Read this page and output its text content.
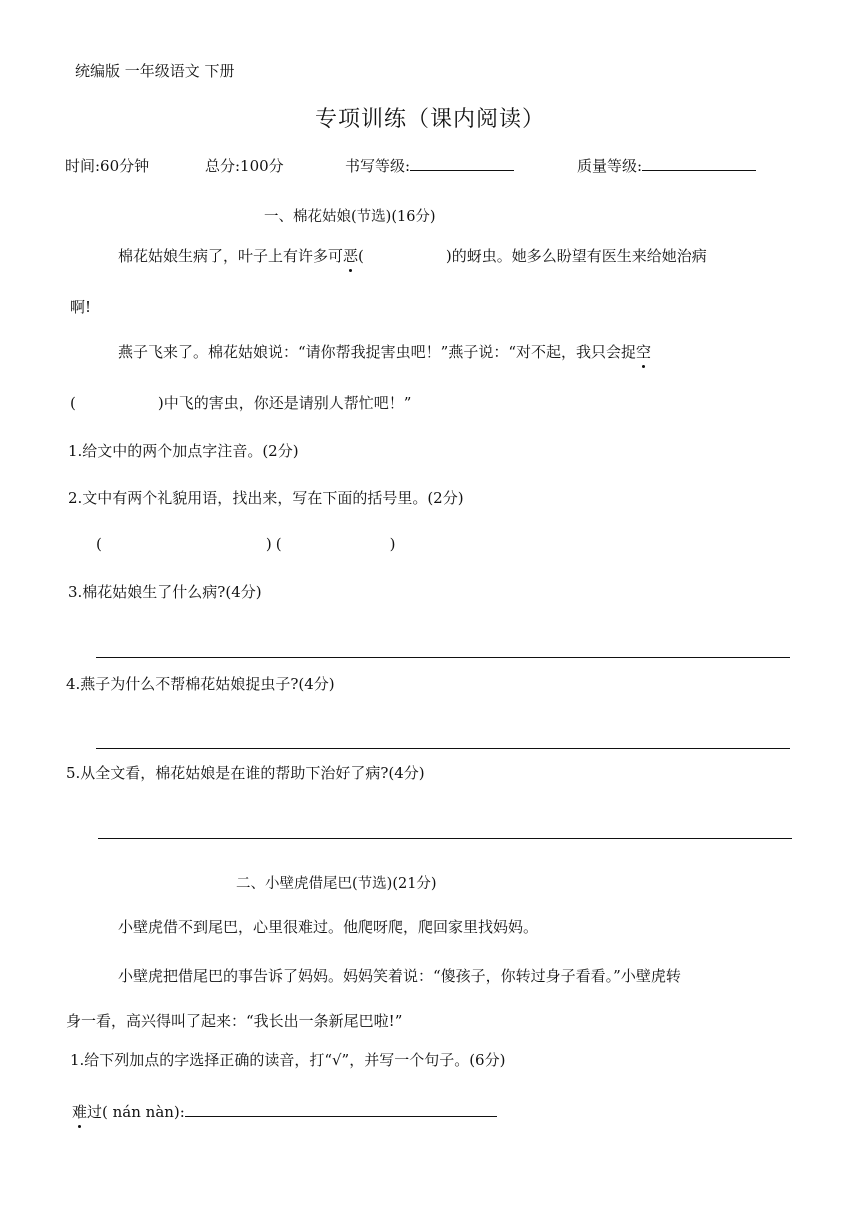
统编版 一年级语文 下册
专项训练（课内阅读）
时间:60分钟	总分:100分	书写等级:	质量等级:
一、棉花姑娘(节选)(16分)
棉花姑娘生病了，叶子上有许多可恶(	)的蚜虫。她多么盼望有医生来给她治病
啊!
燕子飞来了。棉花姑娘说：“请你帮我捉害虫吧！”燕子说：“对不起，我只会捉空
(	)中飞的害虫，你还是请别人帮忙吧！”
1.给文中的两个加点字注音。(2分)
2.文中有两个礼貌用语，找出来，写在下面的括号里。(2分)
(	) (	)
3.棉花姑娘生了什么病?(4分)
4.燕子为什么不帮棉花姑娘捉虫子?(4分)
5.从全文看，棉花姑娘是在谁的帮助下治好了病?(4分)
二、小壁虎借尾巴(节选)(21分)
小壁虎借不到尾巴，心里很难过。他爬呀爬，爬回家里找妈妈。
小壁虎把借尾巴的事告诉了妈妈。妈妈笑着说：“傻孩子，你转过身子看看。”小壁虎转
身一看，高兴得叫了起来：“我长出一条新尾巴啦!”
1.给下列加点的字选择正确的读音，打“√”，并写一个句子。(6分)
难过( nán nàn):
